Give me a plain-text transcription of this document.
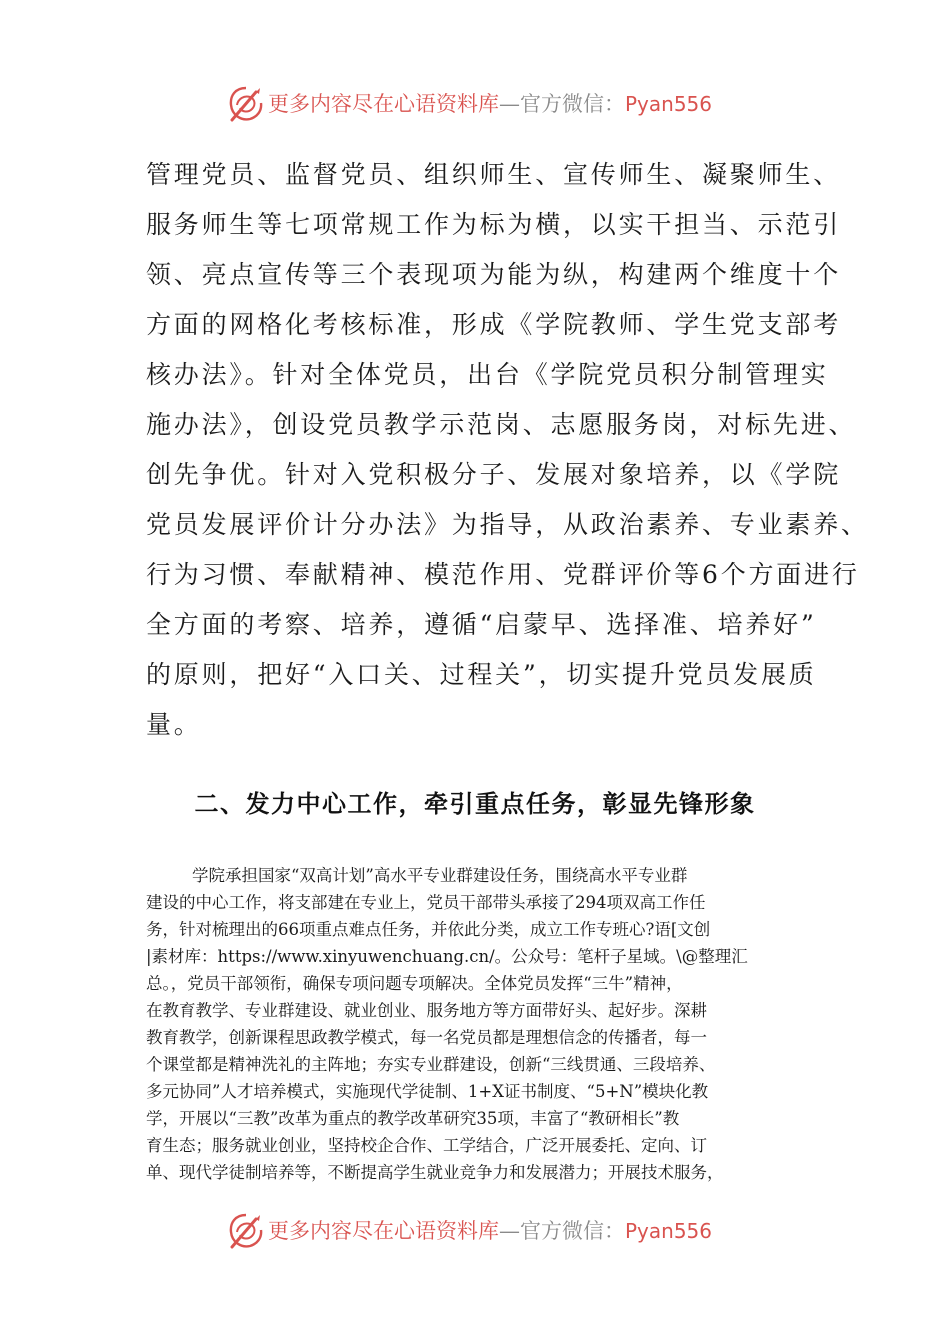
更多内容尽在心语资料库—官方微信：Pyan556
管理党员、监督党员、组织师生、宣传师生、凝聚师生、
服务师生等七项常规工作为标为横，以实干担当、示范引
领、亮点宣传等三个表现项为能为纵，构建两个维度十个
方面的网格化考核标准，形成《学院教师、学生党支部考
核办法》。针对全体党员，出台《学院党员积分制管理实
施办法》，创设党员教学示范岗、志愿服务岗，对标先进、
创先争优。针对入党积极分子、发展对象培养，以《学院
党员发展评价计分办法》为指导，从政治素养、专业素养、
行为习惯、奉献精神、模范作用、党群评价等6个方面进行
全方面的考察、培养，遵循“启蒙早、选择准、培养好”
的原则，把好“入口关、过程关”，切实提升党员发展质
量。
二、发力中心工作，牵引重点任务，彰显先锋形象
学院承担国家“双高计划”高水平专业群建设任务，围绕高水平专业群
建设的中心工作，将支部建在专业上，党员干部带头承接了294项双高工作任
务，针对梳理出的66项重点难点任务，并依此分类，成立工作专班心?语[文创
|素材库：https://www.xinyuwenchuang.cn/。公众号：笔杆子星域。\@整理汇
总。，党员干部领衔，确保专项问题专项解决。全体党员发挥“三牛”精神，
在教育教学、专业群建设、就业创业、服务地方等方面带好头、起好步。深耕
教育教学，创新课程思政教学模式，每一名党员都是理想信念的传播者，每一
个课堂都是精神洗礼的主阵地；夯实专业群建设，创新“三线贯通、三段培养、
多元协同”人才培养模式，实施现代学徒制、1+X证书制度、“5+N”模块化教
学，开展以“三教”改革为重点的教学改革研究35项，丰富了“教研相长”教
育生态；服务就业创业，坚持校企合作、工学结合，广泛开展委托、定向、订
单、现代学徒制培养等，不断提高学生就业竞争力和发展潜力；开展技术服务，
更多内容尽在心语资料库—官方微信：Pyan556
